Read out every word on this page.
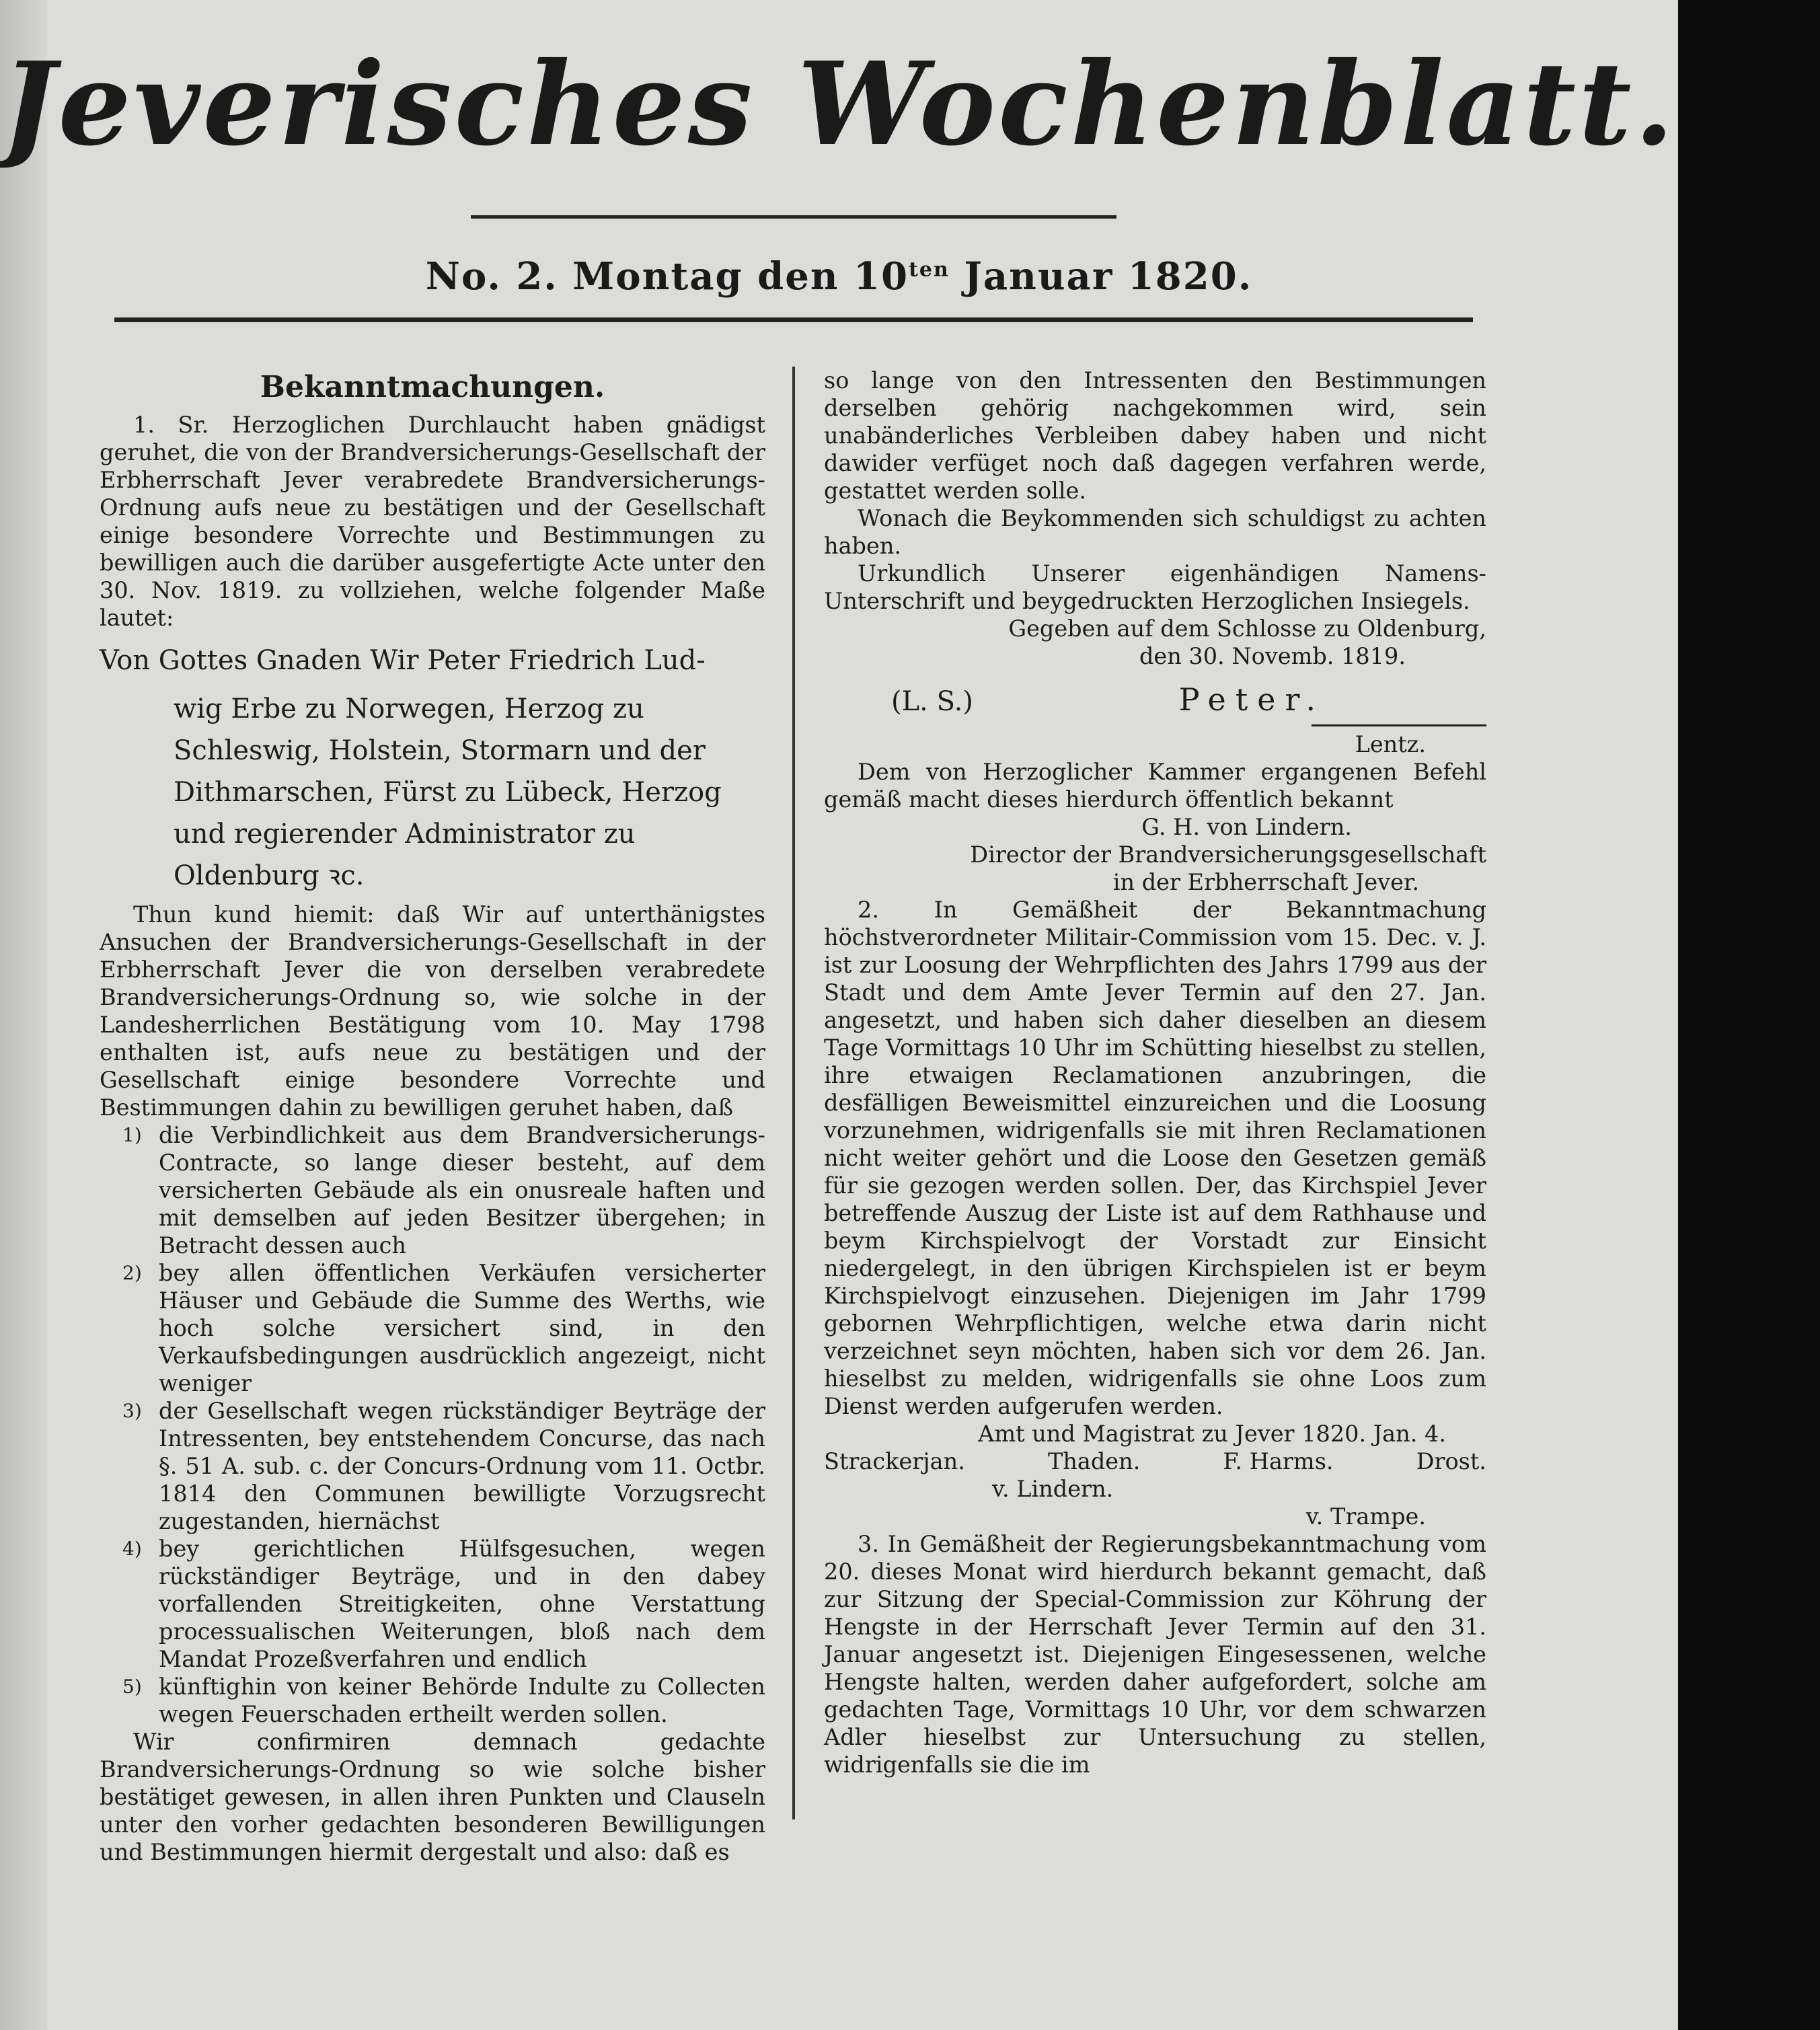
Jeverisches Wochenblatt.
No. 2. Montag den $10^{ten}$ Januar 1820.

Bekanntmachungen.

1. Sr. Herzoglichen Durchlaucht haben gnädigst geruhet, die von der Brandversicherungs-Gesellschaft der Erbherrschaft Jever verabredete Brandversicherungs-Ordnung aufs neue zu bestätigen und der Gesellschaft einige besondere Vorrechte und Bestimmungen zu bewilligen auch die darüber ausgefertigte Acte unter den 30. Nov. 1819. zu vollziehen, welche folgender Maße lautet:

Von Gottes Gnaden Wir Peter Friedrich Lud-

wig Erbe zu Norwegen, Herzog zu Schleswig, Holstein, Stormarn und der Dithmarschen, Fürst zu Lübeck, Herzog und regierender Administrator zu Oldenburg ꝛc.

Thun kund hiemit: daß Wir auf unterthänigstes Ansuchen der Brandversicherungs-Gesellschaft in der Erbherrschaft Jever die von derselben verabredete Brandversicherungs-Ordnung so, wie solche in der Landesherrlichen Bestätigung vom 10. May 1798 enthalten ist, aufs neue zu bestätigen und der Gesellschaft einige besondere Vorrechte und Bestimmungen dahin zu bewilligen geruhet haben, daß

1) die Verbindlichkeit aus dem Brandversicherungs-Contracte, so lange dieser besteht, auf dem versicherten Gebäude als ein onusreale haften und mit demselben auf jeden Besitzer übergehen; in Betracht dessen auch
2) bey allen öffentlichen Verkäufen versicherter Häuser und Gebäude die Summe des Werths, wie hoch solche versichert sind, in den Verkaufsbedingungen ausdrücklich angezeigt, nicht weniger
3) der Gesellschaft wegen rückständiger Beyträge der Intressenten, bey entstehendem Concurse, das nach §. 51 A. sub. c. der Concurs-Ordnung vom 11. Octbr. 1814 den Communen bewilligte Vorzugsrecht zugestanden, hiernächst
4) bey gerichtlichen Hülfsgesuchen, wegen rückständiger Beyträge, und in den dabey vorfallenden Streitigkeiten, ohne Verstattung processualischen Weiterungen, bloß nach dem Mandat Prozeßverfahren und endlich
5) künftighin von keiner Behörde Indulte zu Collecten wegen Feuerschaden ertheilt werden sollen.

Wir confirmiren demnach gedachte Brandversicherungs-Ordnung so wie solche bisher bestätiget gewesen, in allen ihren Punkten und Clauseln unter den vorher gedachten besonderen Bewilligungen und Bestimmungen hiermit dergestalt und also: daß es

so lange von den Intressenten den Bestimmungen derselben gehörig nachgekommen wird, sein unabänderliches Verbleiben dabey haben und nicht dawider verfüget noch daß dagegen verfahren werde, gestattet werden solle.

Wonach die Beykommenden sich schuldigst zu achten haben.

Urkundlich Unserer eigenhändigen Namens-Unterschrift und beygedruckten Herzoglichen Insiegels.

Gegeben auf dem Schlosse zu Oldenburg,

den 30. Novemb. 1819.

(L. S.)	Peter.

Lentz.

Dem von Herzoglicher Kammer ergangenen Befehl gemäß macht dieses hierdurch öffentlich bekannt

G. H. von Lindern.

Director der Brandversicherungsgesellschaft

in der Erbherrschaft Jever.

2. In Gemäßheit der Bekanntmachung höchstverordneter Militair-Commission vom 15. Dec. v. J. ist zur Loosung der Wehrpflichten des Jahrs 1799 aus der Stadt und dem Amte Jever Termin auf den 27. Jan. angesetzt, und haben sich daher dieselben an diesem Tage Vormittags 10 Uhr im Schütting hieselbst zu stellen, ihre etwaigen Reclamationen anzubringen, die desfälligen Beweismittel einzureichen und die Loosung vorzunehmen, widrigenfalls sie mit ihren Reclamationen nicht weiter gehört und die Loose den Gesetzen gemäß für sie gezogen werden sollen. Der, das Kirchspiel Jever betreffende Auszug der Liste ist auf dem Rathhause und beym Kirchspielvogt der Vorstadt zur Einsicht niedergelegt, in den übrigen Kirchspielen ist er beym Kirchspielvogt einzusehen. Diejenigen im Jahr 1799 gebornen Wehrpflichtigen, welche etwa darin nicht verzeichnet seyn möchten, haben sich vor dem 26. Jan. hieselbst zu melden, widrigenfalls sie ohne Loos zum Dienst werden aufgerufen werden.

Amt und Magistrat zu Jever 1820. Jan. 4.

Strackerjan.	Thaden.	F. Harms.	Drost.
v. Lindern.
v. Trampe.

3. In Gemäßheit der Regierungsbekanntmachung vom 20. dieses Monat wird hierdurch bekannt gemacht, daß zur Sitzung der Special-Commission zur Köhrung der Hengste in der Herrschaft Jever Termin auf den 31. Januar angesetzt ist. Diejenigen Eingesessenen, welche Hengste halten, werden daher aufgefordert, solche am gedachten Tage, Vormittags 10 Uhr, vor dem schwarzen Adler hieselbst zur Untersuchung zu stellen, widrigenfalls sie die im
